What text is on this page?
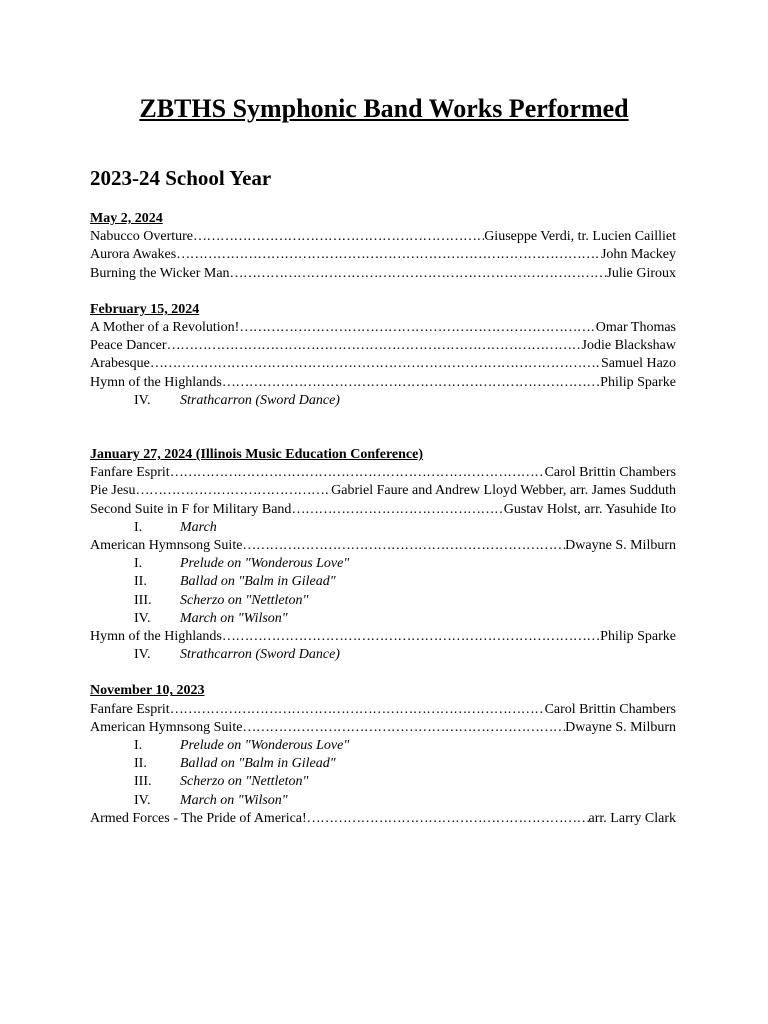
ZBTHS Symphonic Band Works Performed
2023-24 School Year
May 2, 2024
Nabucco Overture ………………………………………………………………………………………………………………………………………………………………………	Giuseppe Verdi, tr. Lucien Cailliet
Aurora Awakes ………………………………………………………………………………………………………………………………………………………………………	John Mackey
Burning the Wicker Man ………………………………………………………………………………………………………………………………………………………………………	Julie Giroux
February 15, 2024
A Mother of a Revolution! ………………………………………………………………………………………………………………………………………………………………………	Omar Thomas
Peace Dancer ………………………………………………………………………………………………………………………………………………………………………	Jodie Blackshaw
Arabesque ………………………………………………………………………………………………………………………………………………………………………	Samuel Hazo
Hymn of the Highlands ………………………………………………………………………………………………………………………………………………………………………	Philip Sparke
IV.	Strathcarron (Sword Dance)
January 27, 2024 (Illinois Music Education Conference)
Fanfare Esprit ………………………………………………………………………………………………………………………………………………………………………	Carol Brittin Chambers
Pie Jesu ………………………………………………………………………………………………………………………………………………………………………	Gabriel Faure and Andrew Lloyd Webber, arr. James Sudduth
Second Suite in F for Military Band ………………………………………………………………………………………………………………………………………………………………………	Gustav Holst, arr. Yasuhide Ito
I.	March
American Hymnsong Suite ………………………………………………………………………………………………………………………………………………………………………	Dwayne S. Milburn
I.	Prelude on "Wonderous Love"
II.	Ballad on "Balm in Gilead"
III.	Scherzo on "Nettleton"
IV.	March on "Wilson"
Hymn of the Highlands ………………………………………………………………………………………………………………………………………………………………………	Philip Sparke
IV.	Strathcarron (Sword Dance)
November 10, 2023
Fanfare Esprit ………………………………………………………………………………………………………………………………………………………………………	Carol Brittin Chambers
American Hymnsong Suite ………………………………………………………………………………………………………………………………………………………………………	Dwayne S. Milburn
I.	Prelude on "Wonderous Love"
II.	Ballad on "Balm in Gilead"
III.	Scherzo on "Nettleton"
IV.	March on "Wilson"
Armed Forces - The Pride of America! ………………………………………………………………………………………………………………………………………………………………………	arr. Larry Clark
